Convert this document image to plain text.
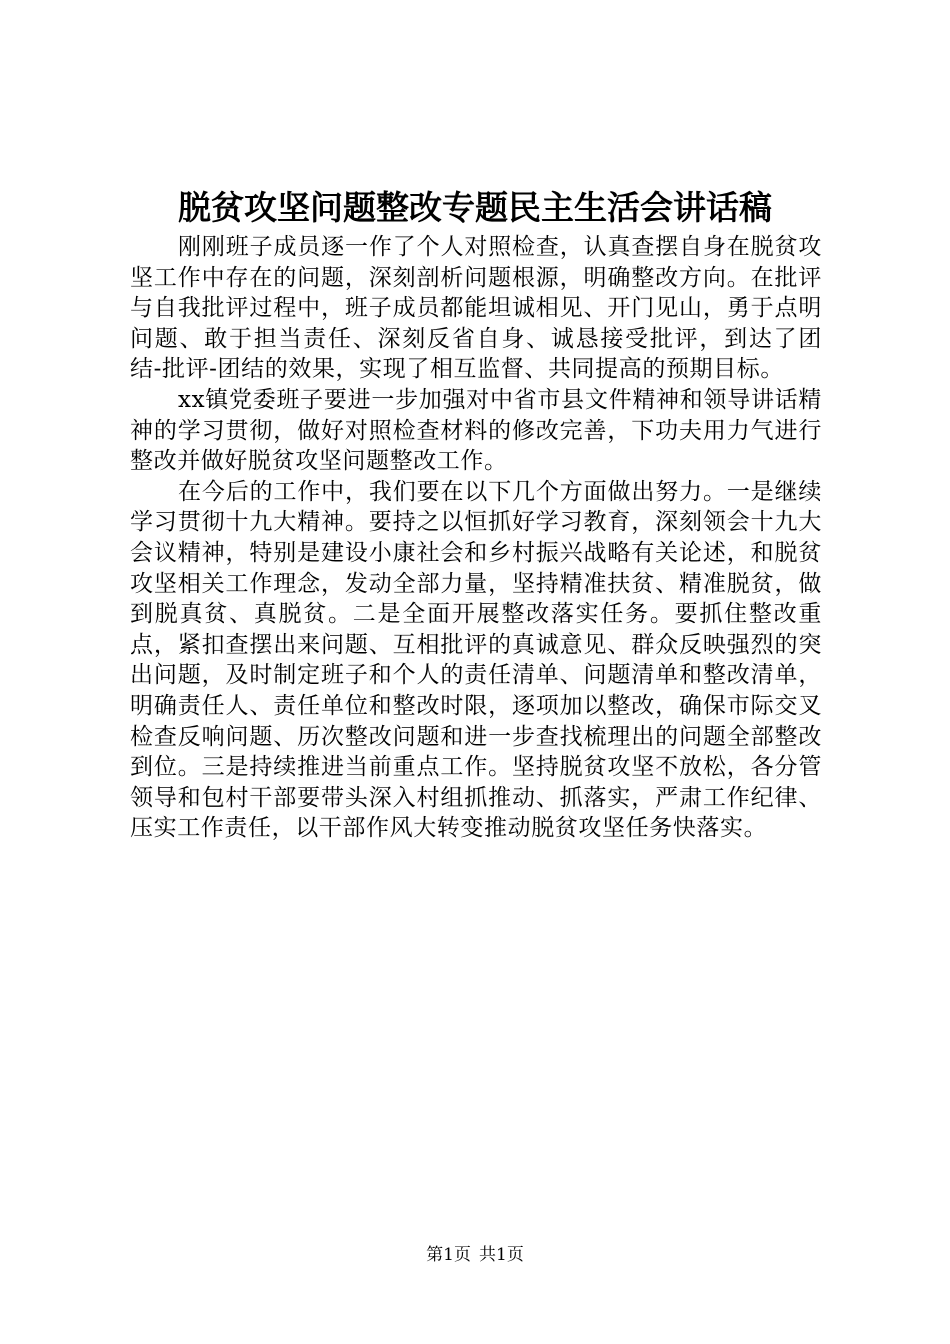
脱贫攻坚问题整改专题民主生活会讲话稿

刚刚班子成员逐一作了个人对照检查，认真查摆自身在脱贫攻坚工作中存在的问题，深刻剖析问题根源，明确整改方向。在批评与自我批评过程中，班子成员都能坦诚相见、开门见山，勇于点明问题、敢于担当责任、深刻反省自身、诚恳接受批评，到达了团结-批评-团结的效果，实现了相互监督、共同提高的预期目标。

xx镇党委班子要进一步加强对中省市县文件精神和领导讲话精神的学习贯彻，做好对照检查材料的修改完善，下功夫用力气进行整改并做好脱贫攻坚问题整改工作。

在今后的工作中，我们要在以下几个方面做出努力。一是继续学习贯彻十九大精神。要持之以恒抓好学习教育，深刻领会十九大会议精神，特别是建设小康社会和乡村振兴战略有关论述，和脱贫攻坚相关工作理念，发动全部力量，坚持精准扶贫、精准脱贫，做到脱真贫、真脱贫。二是全面开展整改落实任务。要抓住整改重点，紧扣查摆出来问题、互相批评的真诚意见、群众反映强烈的突出问题，及时制定班子和个人的责任清单、问题清单和整改清单，明确责任人、责任单位和整改时限，逐项加以整改，确保市际交叉检查反响问题、历次整改问题和进一步查找梳理出的问题全部整改到位。三是持续推进当前重点工作。坚持脱贫攻坚不放松，各分管领导和包村干部要带头深入村组抓推动、抓落实，严肃工作纪律、压实工作责任，以干部作风大转变推动脱贫攻坚任务快落实。

第1页 共1页
